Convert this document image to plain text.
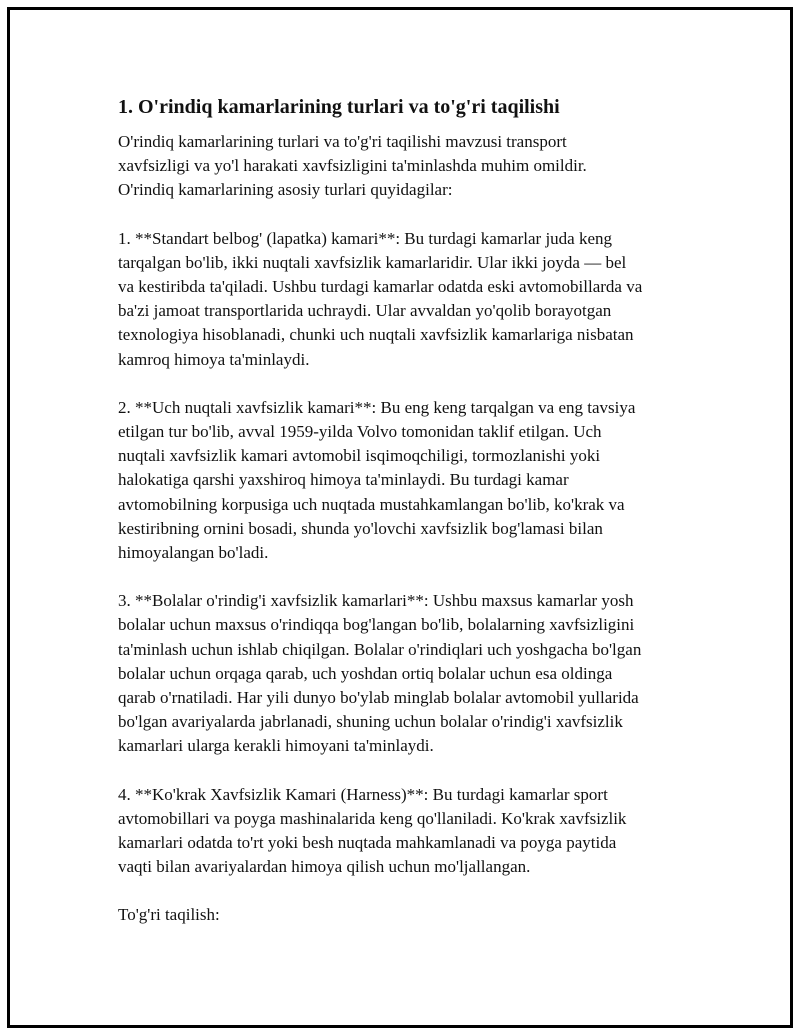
1. O'rindiq kamarlarining turlari va to'g'ri taqilishi
O'rindiq kamarlarining turlari va to'g'ri taqilishi mavzusi transport
xavfsizligi va yo'l harakati xavfsizligini ta'minlashda muhim omildir.
O'rindiq kamarlarining asosiy turlari quyidagilar:
1. **Standart belbog' (lapatka) kamari**: Bu turdagi kamarlar juda keng
tarqalgan bo'lib, ikki nuqtali xavfsizlik kamarlaridir. Ular ikki joyda — bel
va kestiribda ta'qiladi. Ushbu turdagi kamarlar odatda eski avtomobillarda va
ba'zi jamoat transportlarida uchraydi. Ular avvaldan yo'qolib borayotgan
texnologiya hisoblanadi, chunki uch nuqtali xavfsizlik kamarlariga nisbatan
kamroq himoya ta'minlaydi.
2. **Uch nuqtali xavfsizlik kamari**: Bu eng keng tarqalgan va eng tavsiya
etilgan tur bo'lib, avval 1959-yilda Volvo tomonidan taklif etilgan. Uch
nuqtali xavfsizlik kamari avtomobil isqimoqchiligi, tormozlanishi yoki
halokatiga qarshi yaxshiroq himoya ta'minlaydi. Bu turdagi kamar
avtomobilning korpusiga uch nuqtada mustahkamlangan bo'lib, ko'krak va
kestiribning ornini bosadi, shunda yo'lovchi xavfsizlik bog'lamasi bilan
himoyalangan bo'ladi.
3. **Bolalar o'rindig'i xavfsizlik kamarlari**: Ushbu maxsus kamarlar yosh
bolalar uchun maxsus o'rindiqqa bog'langan bo'lib, bolalarning xavfsizligini
ta'minlash uchun ishlab chiqilgan. Bolalar o'rindiqlari uch yoshgacha bo'lgan
bolalar uchun orqaga qarab, uch yoshdan ortiq bolalar uchun esa oldinga
qarab o'rnatiladi. Har yili dunyo bo'ylab minglab bolalar avtomobil yullarida
bo'lgan avariyalarda jabrlanadi, shuning uchun bolalar o'rindig'i xavfsizlik
kamarlari ularga kerakli himoyani ta'minlaydi.
4. **Ko'krak Xavfsizlik Kamari (Harness)**: Bu turdagi kamarlar sport
avtomobillari va poyga mashinalarida keng qo'llaniladi. Ko'krak xavfsizlik
kamarlari odatda to'rt yoki besh nuqtada mahkamlanadi va poyga paytida
vaqti bilan avariyalardan himoya qilish uchun mo'ljallangan.
To'g'ri taqilish:
